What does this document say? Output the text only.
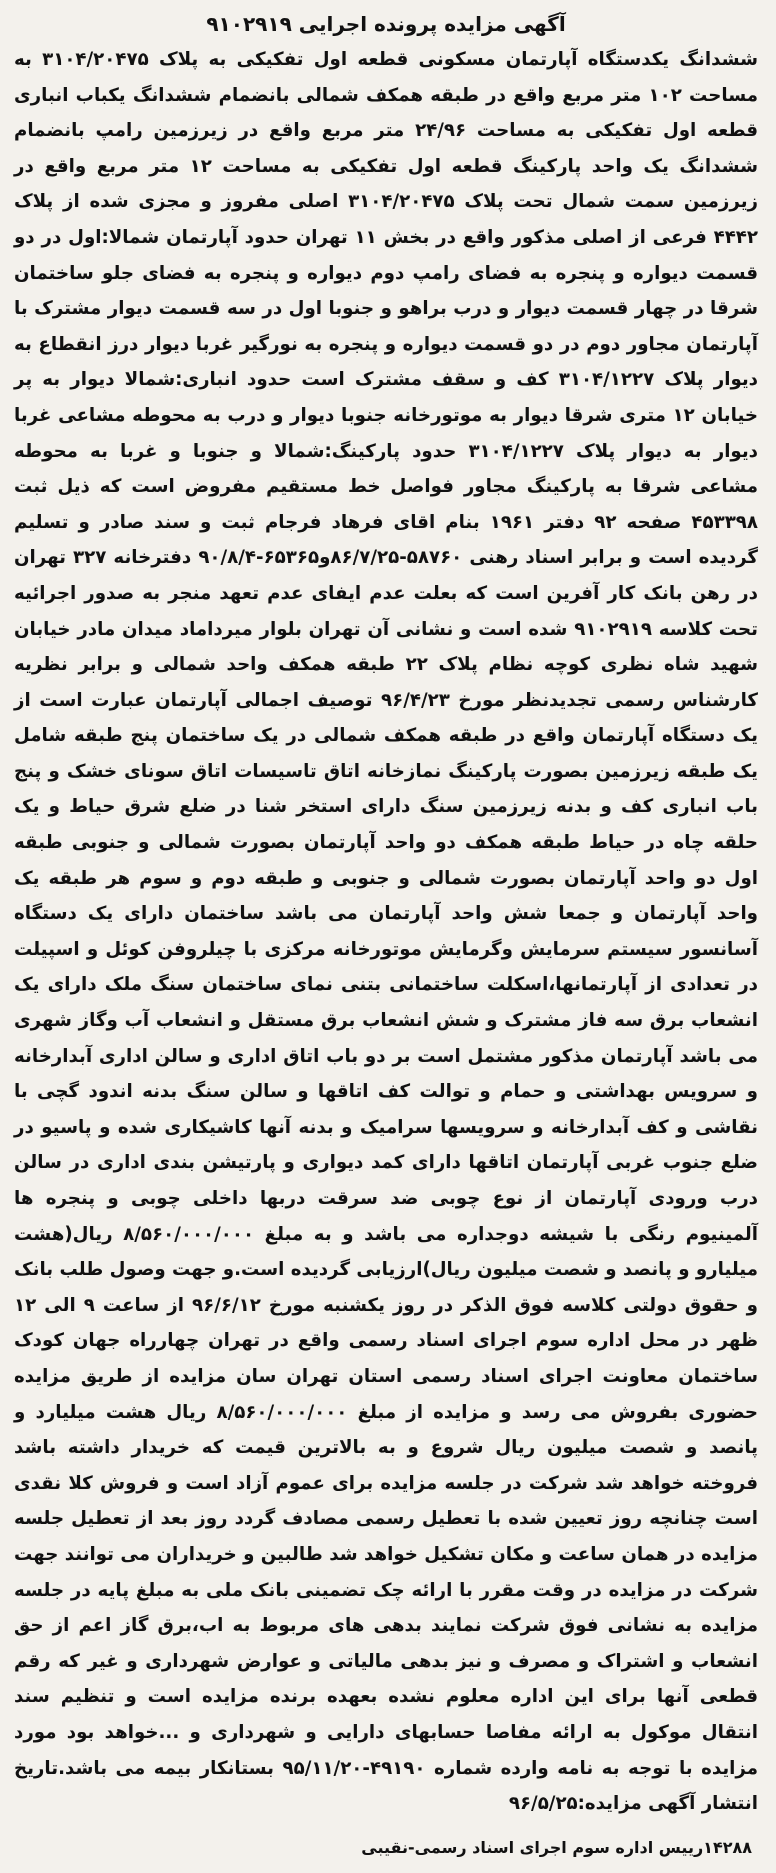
آگهی مزایده پرونده اجرایی ۹۱۰۲۹۱۹

ششدانگ یکدستگاه آپارتمان مسکونی قطعه اول تفکیکی به پلاک ۳۱۰۴/۲۰۴۷۵ به مساحت ۱۰۲ متر مربع واقع در طبقه همکف شمالی بانضمام ششدانگ یکباب انباری قطعه اول تفکیکی به مساحت ۲۴/۹۶ متر مربع واقع در زیرزمین رامپ بانضمام ششدانگ یک واحد پارکینگ قطعه اول تفکیکی به مساحت ۱۲ متر مربع واقع در زیرزمین سمت شمال تحت پلاک ۳۱۰۴/۲۰۴۷۵ اصلی مفروز و مجزی شده از پلاک ۴۴۴۲ فرعی از اصلی مذکور واقع در بخش ۱۱ تهران حدود آپارتمان شمالا:اول در دو قسمت دیواره و پنجره به فضای رامپ دوم دیواره و پنجره به فضای جلو ساختمان شرقا در چهار قسمت دیوار و درب براهو و جنوبا اول در سه قسمت دیوار مشترک با آپارتمان مجاور دوم در دو قسمت دیواره و پنجره به نورگیر غربا دیوار درز انقطاع به دیوار پلاک ۳۱۰۴/۱۲۲۷ کف و سقف مشترک است حدود انباری:شمالا دیوار به پر خیابان ۱۲ متری شرقا دیوار به موتورخانه جنوبا دیوار و درب به محوطه مشاعی غربا دیوار به دیوار پلاک ۳۱۰۴/۱۲۲۷ حدود پارکینگ:شمالا و جنوبا و غربا به محوطه مشاعی شرقا به پارکینگ مجاور فواصل خط مستقیم مفروض است که ذیل ثبت ۴۵۳۳۹۸ صفحه ۹۲ دفتر ۱۹۶۱ بنام اقای فرهاد فرجام ثبت و سند صادر و تسلیم گردیده است و برابر اسناد رهنی ۵۸۷۶۰-۸۶/۷/۲۵و۶۵۳۶۵-۹۰/۸/۴ دفترخانه ۳۲۷ تهران در رهن بانک کار آفرین است که بعلت عدم ایفای عدم تعهد منجر به صدور اجرائیه تحت کلاسه ۹۱۰۲۹۱۹ شده است و نشانی آن تهران بلوار میرداماد میدان مادر خیابان شهید شاه نظری کوچه نظام پلاک ۲۲ طبقه همکف واحد شمالی و برابر نظریه کارشناس رسمی تجدیدنظر مورخ ۹۶/۴/۲۳ توصیف اجمالی آپارتمان عبارت است از یک دستگاه آپارتمان واقع در طبقه همکف شمالی در یک ساختمان پنج طبقه شامل یک طبقه زیرزمین بصورت پارکینگ نمازخانه اتاق تاسیسات اتاق سونای خشک و پنج باب انباری کف و بدنه زیرزمین سنگ دارای استخر شنا در ضلع شرق حیاط و یک حلقه چاه در حیاط طبقه همکف دو واحد آپارتمان بصورت شمالی و جنوبی طبقه اول دو واحد آپارتمان بصورت شمالی و جنوبی و طبقه دوم و سوم هر طبقه یک واحد آپارتمان و جمعا شش واحد آپارتمان می باشد ساختمان دارای یک دستگاه آسانسور سیستم سرمایش وگرمایش موتورخانه مرکزی با چیلروفن کوئل و اسپیلت در تعدادی از آپارتمانها،اسکلت ساختمانی بتنی نمای ساختمان سنگ ملک دارای یک انشعاب برق سه فاز مشترک و شش انشعاب برق مستقل و انشعاب آب وگاز شهری می باشد آپارتمان مذکور مشتمل است بر دو باب اتاق اداری و سالن اداری آبدارخانه و سرویس بهداشتی و حمام و توالت کف اتاقها و سالن سنگ بدنه اندود گچی با نقاشی و کف آبدارخانه و سرویسها سرامیک و بدنه آنها کاشیکاری شده و پاسیو در ضلع جنوب غربی آپارتمان اتاقها دارای کمد دیواری و پارتیشن بندی اداری در سالن درب ورودی آپارتمان از نوع چوبی ضد سرقت دربها داخلی چوبی و پنجره ها آلمینیوم رنگی با شیشه دوجداره می باشد و به مبلغ ۸/۵۶۰/۰۰۰/۰۰۰ ریال(هشت میلیارو و پانصد و شصت میلیون ریال)ارزیابی گردیده است.و جهت وصول طلب بانک و حقوق دولتی کلاسه فوق الذکر در روز یکشنبه مورخ ۹۶/۶/۱۲ از ساعت ۹ الی ۱۲ ظهر در محل اداره سوم اجرای اسناد رسمی واقع در تهران چهارراه جهان کودک ساختمان معاونت اجرای اسناد رسمی استان تهران سان مزایده از طریق مزایده حضوری بفروش می رسد و مزایده از مبلغ ۸/۵۶۰/۰۰۰/۰۰۰ ریال هشت میلیارد و پانصد و شصت میلیون ریال شروع و به بالاترین قیمت که خریدار داشته باشد فروخته خواهد شد شرکت در جلسه مزایده برای عموم آزاد است و فروش کلا نقدی است چنانچه روز تعیین شده با تعطیل رسمی مصادف گردد روز بعد از تعطیل جلسه مزایده در همان ساعت و مکان تشکیل خواهد شد طالبین و خریداران می توانند جهت شرکت در مزایده در وقت مقرر با ارائه چک تضمینی بانک ملی به مبلغ پایه در جلسه مزایده به نشانی فوق شرکت نمایند بدهی های مربوط به اب،برق گاز اعم از حق انشعاب و اشتراک و مصرف و نیز بدهی مالیاتی و عوارض شهرداری و غیر که رقم قطعی آنها برای این اداره معلوم نشده بعهده برنده مزایده است و تنظیم سند انتقال موکول به ارائه مفاصا حسابهای دارایی و شهرداری و ...خواهد بود مورد مزایده با توجه به نامه وارده شماره ۴۹۱۹۰-۹۵/۱۱/۲۰ بستانکار بیمه می باشد.تاریخ انتشار آگهی مزایده:۹۶/۵/۲۵

۱۴۲۸۸رییس اداره سوم اجرای اسناد رسمی-نقیبی
